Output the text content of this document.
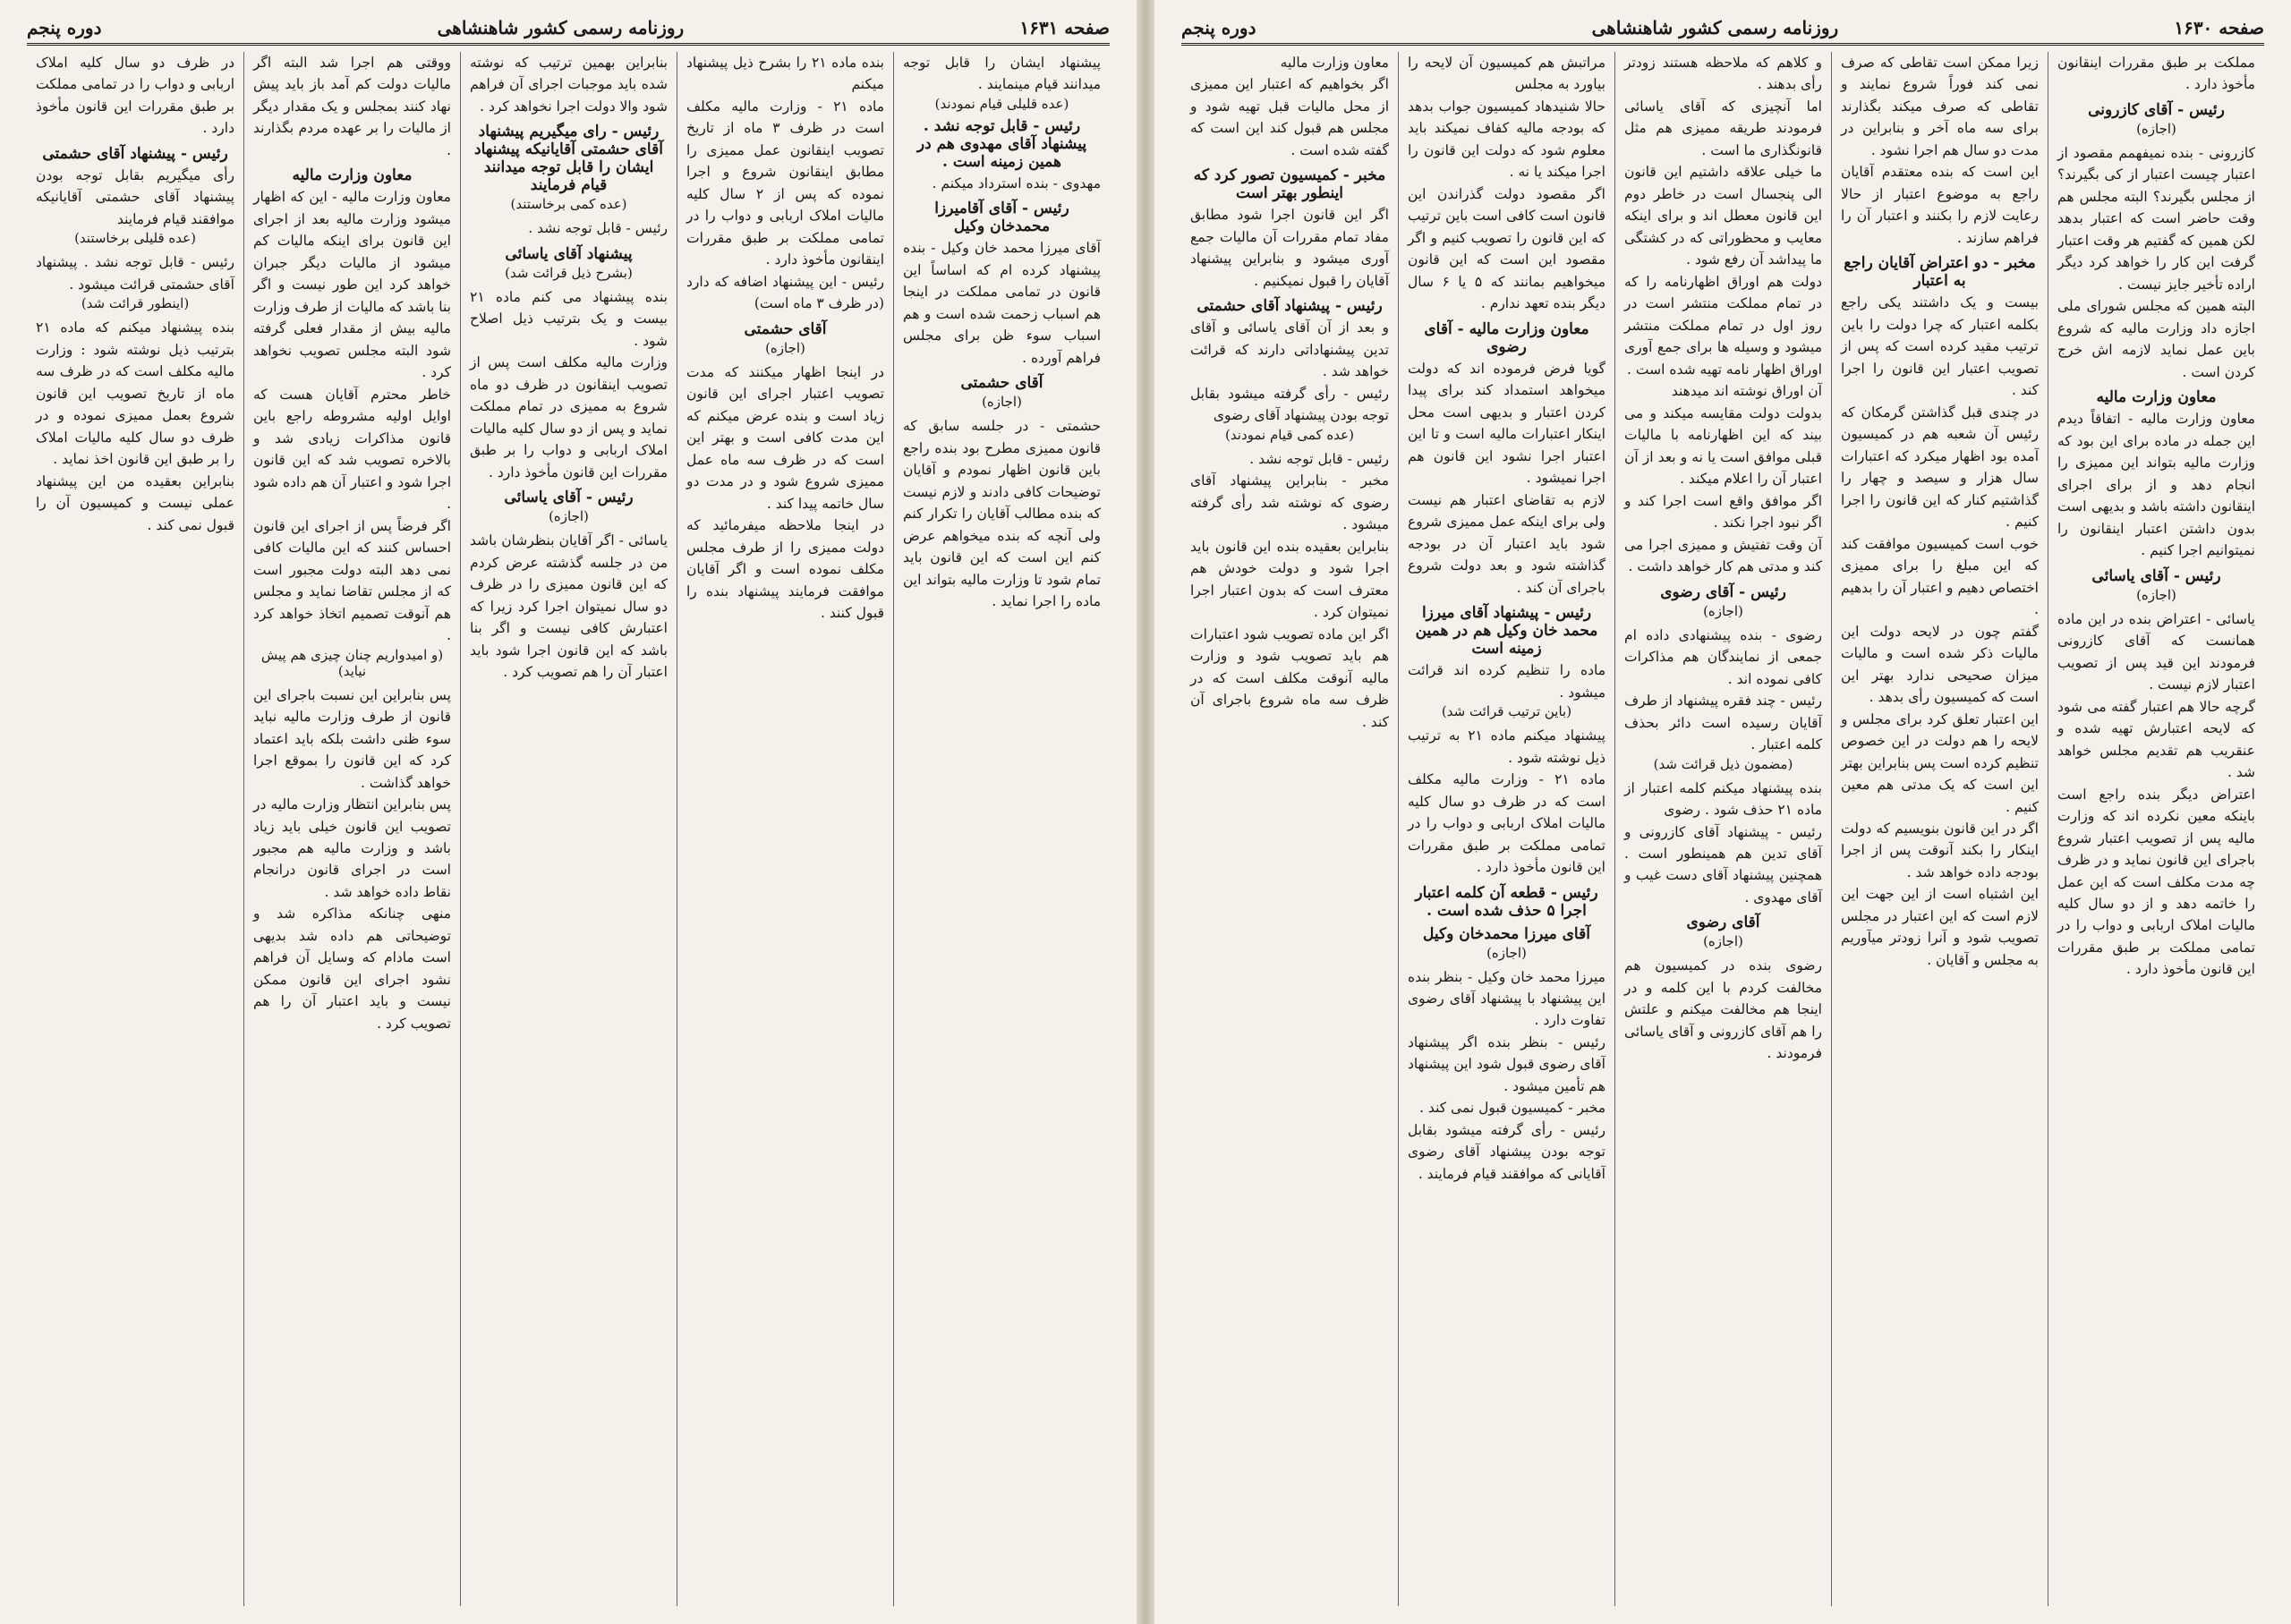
صفحه ۱۶۳۱
روزنامه رسمی کشور شاهنشاهی
دوره پنجم

پیشنهاد ایشان را قابل توجه میدانند قیام مینمایند .

(عده قلیلی قیام نمودند)

رئیس - قابل توجه نشد . پیشنهاد آقای مهدوی هم در همین زمینه است .

مهدوی - بنده استرداد میکنم .

رئیس - آقای آقامیرزا محمدخان وکیل

آقای میرزا محمد خان وکیل - بنده پیشنهاد کرده ام که اساساً این قانون در تمامی مملکت در اینجا هم اسباب زحمت شده است و هم اسباب سوء ظن برای مجلس فراهم آورده .

آقای حشمتی

(اجازه)

حشمتی - در جلسه سابق که قانون ممیزی مطرح بود بنده راجع باین قانون اظهار نمودم و آقایان توضیحات کافی دادند و لازم نیست که بنده مطالب آقایان را تکرار کنم ولی آنچه که بنده میخواهم عرض کنم این است که این قانون باید تمام شود تا وزارت مالیه بتواند این ماده را اجرا نماید .

بنده ماده ۲۱ را بشرح ذیل پیشنهاد میکنم

ماده ۲۱ - وزارت مالیه مکلف است در ظرف ۳ ماه از تاریخ تصویب اینقانون عمل ممیزی را مطابق اینقانون شروع و اجرا نموده که پس از ۲ سال کلیه مالیات املاک اربابی و دواب را در تمامی مملکت بر طبق مقررات اینقانون مأخوذ دارد .

رئیس - این پیشنهاد اضافه که دارد (در ظرف ۳ ماه است)

آقای حشمتی

(اجازه)

در اینجا اظهار میکنند که مدت تصویب اعتبار اجرای این قانون زیاد است و بنده عرض میکنم که این مدت کافی است و بهتر این است که در ظرف سه ماه عمل ممیزی شروع شود و در مدت دو سال خاتمه پیدا کند .

در اینجا ملاحظه میفرمائید که دولت ممیزی را از طرف مجلس مکلف نموده است و اگر آقایان موافقت فرمایند پیشنهاد بنده را قبول کنند .

بنابراین بهمین ترتیب که نوشته شده باید موجبات اجرای آن فراهم شود والا دولت اجرا نخواهد کرد .

رئیس - رای میگیریم پیشنهاد آقای حشمتی آقایانیکه پیشنهاد ایشان را قابل توجه میدانند قیام فرمایند

(عده کمی برخاستند)

رئیس - قابل توجه نشد .

پیشنهاد آقای یاسائی

(بشرح ذیل قرائت شد)

بنده پیشنهاد می کنم ماده ۲۱ بیست و یک بترتیب ذیل اصلاح شود .

وزارت مالیه مکلف است پس از تصویب اینقانون در ظرف دو ماه شروع به ممیزی در تمام مملکت نماید و پس از دو سال کلیه مالیات املاک اربابی و دواب را بر طبق مقررات این قانون مأخوذ دارد .

رئیس - آقای یاسائی

(اجازه)

یاسائی - اگر آقایان بنظرشان باشد من در جلسه گذشته عرض کردم که این قانون ممیزی را در ظرف دو سال نمیتوان اجرا کرد زیرا که اعتبارش کافی نیست و اگر بنا باشد که این قانون اجرا شود باید اعتبار آن را هم تصویب کرد .

ووقتی هم اجرا شد البته اگر مالیات دولت کم آمد باز باید پیش نهاد کنند بمجلس و یک مقدار دیگر از مالیات را بر عهده مردم بگذارند .

معاون وزارت مالیه

معاون وزارت مالیه - این که اظهار میشود وزارت مالیه بعد از اجرای این قانون برای اینکه مالیات کم میشود از مالیات دیگر جبران خواهد کرد این طور نیست و اگر بنا باشد که مالیات از طرف وزارت مالیه بیش از مقدار فعلی گرفته شود البته مجلس تصویب نخواهد کرد .

خاطر محترم آقایان هست که اوایل اولیه مشروطه راجع باین قانون مذاکرات زیادی شد و بالاخره تصویب شد که این قانون اجرا شود و اعتبار آن هم داده شود .

اگر فرضاً پس از اجرای این قانون احساس کنند که این مالیات کافی نمی دهد البته دولت مجبور است که از مجلس تقاضا نماید و مجلس هم آنوقت تصمیم اتخاذ خواهد کرد .

(و امیدواریم چنان چیزی هم پیش نیاید)

پس بنابراین این نسبت باجرای این قانون از طرف وزارت مالیه نباید سوء ظنی داشت بلکه باید اعتماد کرد که این قانون را بموقع اجرا خواهد گذاشت .

پس بنابراین انتظار وزارت مالیه در تصویب این قانون خیلی باید زیاد باشد و وزارت مالیه هم مجبور است در اجرای قانون درانجام نقاط داده خواهد شد .

منهی چنانکه مذاکره شد و توضیحاتی هم داده شد بدیهی است مادام که وسایل آن فراهم نشود اجرای این قانون ممکن نیست و باید اعتبار آن را هم تصویب کرد .

در ظرف دو سال کلیه املاک اربابی و دواب را در تمامی مملکت بر طبق مقررات این قانون مأخوذ دارد .

رئیس - پیشنهاد آقای حشمتی

رأی میگیریم بقابل توجه بودن پیشنهاد آقای حشمتی آقایانیکه موافقند قیام فرمایند

(عده قلیلی برخاستند)

رئیس - قابل توجه نشد . پیشنهاد آقای حشمتی قرائت میشود .

(اینطور قرائت شد)

بنده پیشنهاد میکنم که ماده ۲۱ بترتیب ذیل نوشته شود : وزارت مالیه مکلف است که در ظرف سه ماه از تاریخ تصویب این قانون شروع بعمل ممیزی نموده و در ظرف دو سال کلیه مالیات املاک را بر طبق این قانون اخذ نماید .

بنابراین بعقیده من این پیشنهاد عملی نیست و کمیسیون آن را قبول نمی کند .

صفحه ۱۶۳۰
روزنامه رسمی کشور شاهنشاهی
دوره پنجم

مملکت بر طبق مقررات اینقانون مأخوذ دارد .

رئیس - آقای کازرونی

(اجازه)

کازرونی - بنده نمیفهمم مقصود از اعتبار چیست اعتبار از کی بگیرند؟ از مجلس بگیرند؟ البته مجلس هم وقت حاضر است که اعتبار بدهد لکن همین که گفتیم هر وقت اعتبار گرفت این کار را خواهد کرد دیگر اراده تأخیر جایز نیست .

البته همین که مجلس شورای ملی اجازه داد وزارت مالیه که شروع باین عمل نماید لازمه اش خرج کردن است .

معاون وزارت مالیه

معاون وزارت مالیه - اتفاقاً دیدم این جمله در ماده برای این بود که وزارت مالیه بتواند این ممیزی را انجام دهد و از برای اجرای اینقانون داشته باشد و بدیهی است بدون داشتن اعتبار اینقانون را نمیتوانیم اجرا کنیم .

رئیس - آقای یاسائی

(اجازه)

یاسائی - اعتراض بنده در این ماده همانست که آقای کازرونی فرمودند این قید پس از تصویب اعتبار لازم نیست .

گرچه حالا هم اعتبار گفته می شود که لایحه اعتبارش تهیه شده و عنقریب هم تقدیم مجلس خواهد شد .

اعتراض دیگر بنده راجع است باینکه معین نکرده اند که وزارت مالیه پس از تصویب اعتبار شروع باجرای این قانون نماید و در ظرف چه مدت مکلف است که این عمل را خاتمه دهد و از دو سال کلیه مالیات املاک اربابی و دواب را در تمامی مملکت بر طبق مقررات این قانون مأخوذ دارد .

زیرا ممکن است تقاطی که صرف نمی کند فوراً شروع نمایند و تقاطی که صرف میکند بگذارند برای سه ماه آخر و بنابراین در مدت دو سال هم اجرا نشود .

این است که بنده معتقدم آقایان راجع به موضوع اعتبار از حالا رعایت لازم را بکنند و اعتبار آن را فراهم سازند .

مخبر - دو اعتراض آقایان راجع به اعتبار

بیست و یک داشتند یکی راجع بکلمه اعتبار که چرا دولت را باین ترتیب مقید کرده است که پس از تصویب اعتبار این قانون را اجرا کند .

در چندی قبل گذاشتن گرمکان که رئیس آن شعبه هم در کمیسیون آمده بود اظهار میکرد که اعتبارات سال هزار و سیصد و چهار را گذاشتیم کنار که این قانون را اجرا کنیم .

خوب است کمیسیون موافقت کند که این مبلغ را برای ممیزی اختصاص دهیم و اعتبار آن را بدهیم .

گفتم چون در لایحه دولت این مالیات ذکر شده است و مالیات میزان صحیحی ندارد بهتر این است که کمیسیون رأی بدهد .

این اعتبار تعلق کرد برای مجلس و لایحه را هم دولت در این خصوص تنظیم کرده است پس بنابراین بهتر این است که یک مدتی هم معین کنیم .

اگر در این قانون بنویسیم که دولت اینکار را بکند آنوقت پس از اجرا بودجه داده خواهد شد .

این اشتباه است از این جهت این لازم است که این اعتبار در مجلس تصویب شود و آنرا زودتر میآوریم به مجلس و آقایان .

و کلاهم که ملاحظه هستند زودتر رأی بدهند .

اما آنچیزی که آقای یاسائی فرمودند طریقه ممیزی هم مثل قانونگذاری ما است .

ما خیلی علاقه داشتیم این قانون الی پنجسال است در خاطر دوم این قانون معطل اند و برای اینکه معایب و محظوراتی که در کشتگی ما پیداشد آن رفع شود .

دولت هم اوراق اظهارنامه را که در تمام مملکت منتشر است در روز اول در تمام مملکت منتشر میشود و وسیله ها برای جمع آوری اوراق اظهار نامه تهیه شده است .

آن اوراق نوشته اند میدهند

بدولت دولت مقایسه میکند و می بیند که این اظهارنامه با مالیات قبلی موافق است یا نه و بعد از آن اعتبار آن را اعلام میکند .

اگر موافق واقع است اجرا کند و اگر نبود اجرا نکند .

آن وقت تفتیش و ممیزی اجرا می کند و مدتی هم کار خواهد داشت .

رئیس - آقای رضوی

(اجازه)

رضوی - بنده پیشنهادی داده ام جمعی از نمایندگان هم مذاکرات کافی نموده اند .

رئیس - چند فقره پیشنهاد از طرف آقایان رسیده است دائر بحذف کلمه اعتبار .

(مضمون ذیل قرائت شد)

بنده پیشنهاد میکنم کلمه اعتبار از ماده ۲۱ حذف شود . رضوی

رئیس - پیشنهاد آقای کازرونی و آقای تدین هم همینطور است . همچنین پیشنهاد آقای دست غیب و آقای مهدوی .

آقای رضوی

(اجازه)

رضوی بنده در کمیسیون هم مخالفت کردم با این کلمه و در اینجا هم مخالفت میکنم و علتش را هم آقای کازرونی و آقای یاسائی فرمودند .

مراتبش هم کمیسیون آن لایحه را بیاورد به مجلس

حالا شنیدهاد کمیسیون جواب بدهد که بودجه مالیه کفاف نمیکند باید معلوم شود که دولت این قانون را اجرا میکند یا نه .

اگر مقصود دولت گذراندن این قانون است کافی است باین ترتیب که این قانون را تصویب کنیم و اگر مقصود این است که این قانون میخواهیم بمانند که ۵ یا ۶ سال دیگر بنده تعهد ندارم .

معاون وزارت مالیه - آقای رضوی

گویا فرض فرموده اند که دولت میخواهد استمداد کند برای پیدا کردن اعتبار و بدیهی است محل اینکار اعتبارات مالیه است و تا این اعتبار اجرا نشود این قانون هم اجرا نمیشود .

لازم به تقاضای اعتبار هم نیست ولی برای اینکه عمل ممیزی شروع شود باید اعتبار آن در بودجه گذاشته شود و بعد دولت شروع باجرای آن کند .

رئیس - پیشنهاد آقای میرزا محمد خان وکیل هم در همین زمینه است

ماده را تنظیم کرده اند قرائت میشود .

(باین ترتیب قرائت شد)

پیشنهاد میکنم ماده ۲۱ به ترتیب ذیل نوشته شود .

ماده ۲۱ - وزارت مالیه مکلف است که در ظرف دو سال کلیه مالیات املاک اربابی و دواب را در تمامی مملکت بر طبق مقررات این قانون مأخوذ دارد .

رئیس - قطعه آن کلمه اعتبار اجرا ۵ حذف شده است .

آقای میرزا محمدخان وکیل

(اجازه)

میرزا محمد خان وکیل - بنظر بنده این پیشنهاد با پیشنهاد آقای رضوی تفاوت دارد .

رئیس - بنظر بنده اگر پیشنهاد آقای رضوی قبول شود این پیشنهاد هم تأمین میشود .

مخبر - کمیسیون قبول نمی کند .

رئیس - رأی گرفته میشود بقابل توجه بودن پیشنهاد آقای رضوی آقایانی که موافقند قیام فرمایند .

معاون وزارت مالیه

اگر بخواهیم که اعتبار این ممیزی از محل مالیات قبل تهیه شود و مجلس هم قبول کند این است که گفته شده است .

مخبر - کمیسیون تصور کرد که اینطور بهتر است

اگر این قانون اجرا شود مطابق مفاد تمام مقررات آن مالیات جمع آوری میشود و بنابراین پیشنهاد آقایان را قبول نمیکنیم .

رئیس - پیشنهاد آقای حشمتی

و بعد از آن آقای یاسائی و آقای تدین پیشنهاداتی دارند که قرائت خواهد شد .

رئیس - رأی گرفته میشود بقابل توجه بودن پیشنهاد آقای رضوی

(عده کمی قیام نمودند)

رئیس - قابل توجه نشد .

مخبر - بنابراین پیشنهاد آقای رضوی که نوشته شد رأی گرفته میشود .

بنابراین بعقیده بنده این قانون باید اجرا شود و دولت خودش هم معترف است که بدون اعتبار اجرا نمیتوان کرد .

اگر این ماده تصویب شود اعتبارات هم باید تصویب شود و وزارت مالیه آنوقت مکلف است که در ظرف سه ماه شروع باجرای آن کند .
